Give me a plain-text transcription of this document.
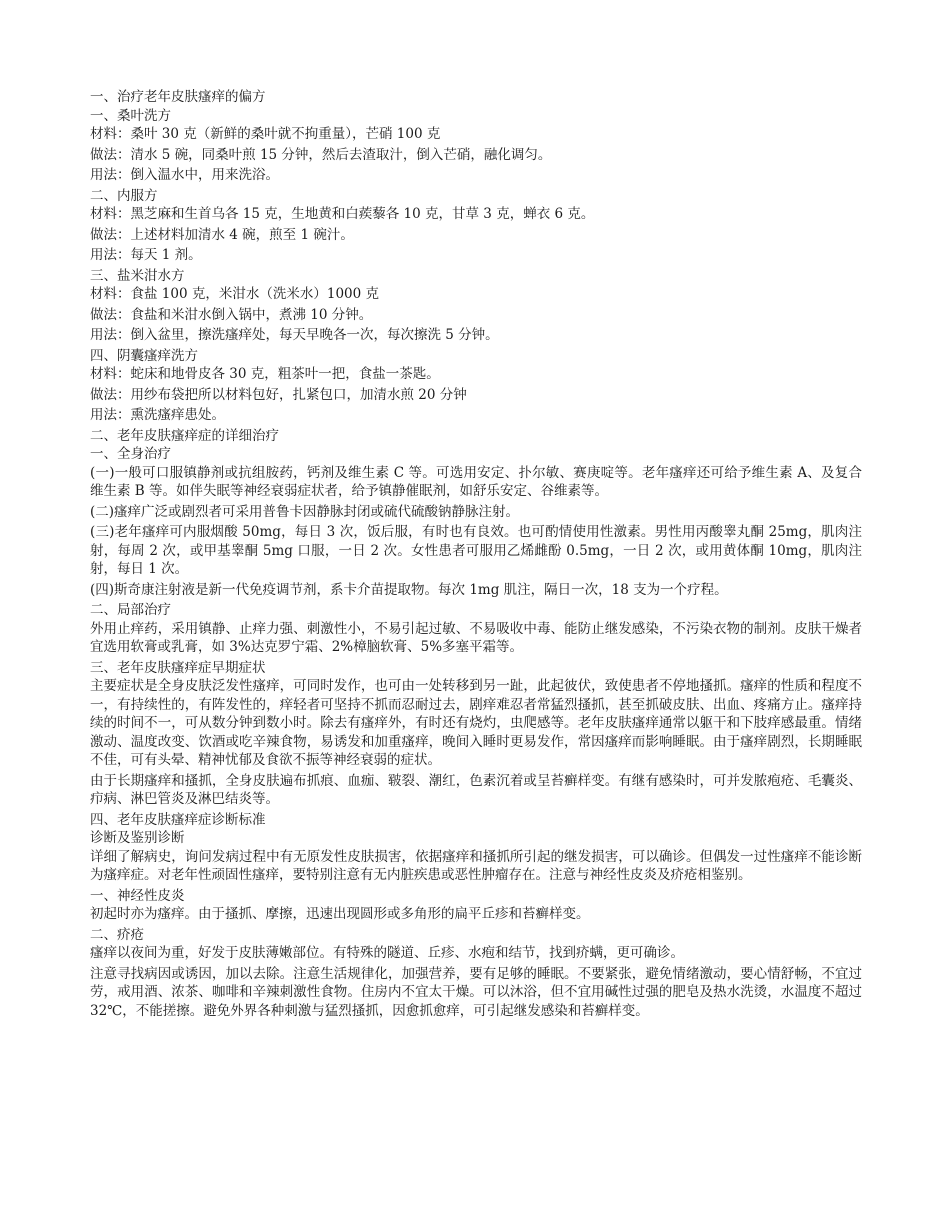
一、治疗老年皮肤瘙痒的偏方
一、桑叶洗方
材料：桑叶 30 克（新鲜的桑叶就不拘重量），芒硝 100 克
做法：清水 5 碗，同桑叶煎 15 分钟，然后去渣取汁，倒入芒硝，融化调匀。
用法：倒入温水中，用来洗浴。
二、内服方
材料：黑芝麻和生首乌各 15 克，生地黄和白蒺藜各 10 克，甘草 3 克，蝉衣 6 克。
做法：上述材料加清水 4 碗，煎至 1 碗汁。
用法：每天 1 剂。
三、盐米泔水方
材料：食盐 100 克，米泔水（洗米水）1000 克
做法：食盐和米泔水倒入锅中，煮沸 10 分钟。
用法：倒入盆里，擦洗瘙痒处，每天早晚各一次，每次擦洗 5 分钟。
四、阴囊瘙痒洗方
材料：蛇床和地骨皮各 30 克，粗茶叶一把，食盐一茶匙。
做法：用纱布袋把所以材料包好，扎紧包口，加清水煎 20 分钟
用法：熏洗瘙痒患处。
二、老年皮肤瘙痒症的详细治疗
一、全身治疗
(一)一般可口服镇静剂或抗组胺药，钙剂及维生素 C 等。可选用安定、扑尔敏、赛庚啶等。老年瘙痒还可给予维生素 A、及复合维生素 B 等。如伴失眠等神经衰弱症状者，给予镇静催眠剂，如舒乐安定、谷维素等。
(二)瘙痒广泛或剧烈者可采用普鲁卡因静脉封闭或硫代硫酸钠静脉注射。
(三)老年瘙痒可内服烟酸 50mg，每日 3 次，饭后服，有时也有良效。也可酌情使用性激素。男性用丙酸睾丸酮 25mg，肌肉注射，每周 2 次，或甲基睾酮 5mg 口服，一日 2 次。女性患者可服用乙烯雌酚 0.5mg，一日 2 次，或用黄体酮 10mg，肌肉注射，每日 1 次。
(四)斯奇康注射液是新一代免疫调节剂，系卡介苗提取物。每次 1mg 肌注，隔日一次，18 支为一个疗程。
二、局部治疗
外用止痒药，采用镇静、止痒力强、刺激性小，不易引起过敏、不易吸收中毒、能防止继发感染，不污染衣物的制剂。皮肤干燥者宜选用软膏或乳膏，如 3%达克罗宁霜、2%樟脑软膏、5%多塞平霜等。
三、老年皮肤瘙痒症早期症状
主要症状是全身皮肤泛发性瘙痒，可同时发作，也可由一处转移到另一趾，此起彼伏，致使患者不停地搔抓。瘙痒的性质和程度不一，有持续性的，有阵发性的，痒轻者可坚持不抓而忍耐过去，剧痒难忍者常猛烈搔抓，甚至抓破皮肤、出血、疼痛方止。瘙痒持续的时间不一，可从数分钟到数小时。除去有瘙痒外，有时还有烧灼，虫爬感等。老年皮肤瘙痒通常以躯干和下肢痒感最重。情绪激动、温度改变、饮酒或吃辛辣食物，易诱发和加重瘙痒，晚间入睡时更易发作，常因瘙痒而影响睡眠。由于瘙痒剧烈，长期睡眠不佳，可有头晕、精神忧郁及食欲不振等神经衰弱的症状。
由于长期瘙痒和搔抓，全身皮肤遍布抓痕、血痂、皲裂、潮红，色素沉着或呈苔癣样变。有继有感染时，可并发脓疱疮、毛囊炎、疖病、淋巴管炎及淋巴结炎等。
四、老年皮肤瘙痒症诊断标准
诊断及鉴别诊断
详细了解病史，询问发病过程中有无原发性皮肤损害，依据瘙痒和搔抓所引起的继发损害，可以确诊。但偶发一过性瘙痒不能诊断为瘙痒症。对老年性顽固性瘙痒，要特别注意有无内脏疾患或恶性肿瘤存在。注意与神经性皮炎及疥疮相鉴别。
一、神经性皮炎
初起时亦为瘙痒。由于搔抓、摩擦，迅速出现圆形或多角形的扁平丘疹和苔癣样变。
二、疥疮
瘙痒以夜间为重，好发于皮肤薄嫩部位。有特殊的隧道、丘疹、水疱和结节，找到疥螨，更可确诊。
注意寻找病因或诱因，加以去除。注意生活规律化，加强营养，要有足够的睡眠。不要紧张，避免情绪激动，要心情舒畅，不宜过劳，戒用酒、浓茶、咖啡和辛辣刺激性食物。住房内不宜太干燥。可以沐浴，但不宜用碱性过强的肥皂及热水洗烫，水温度不超过 32℃，不能搓擦。避免外界各种刺激与猛烈搔抓，因愈抓愈痒，可引起继发感染和苔癣样变。
